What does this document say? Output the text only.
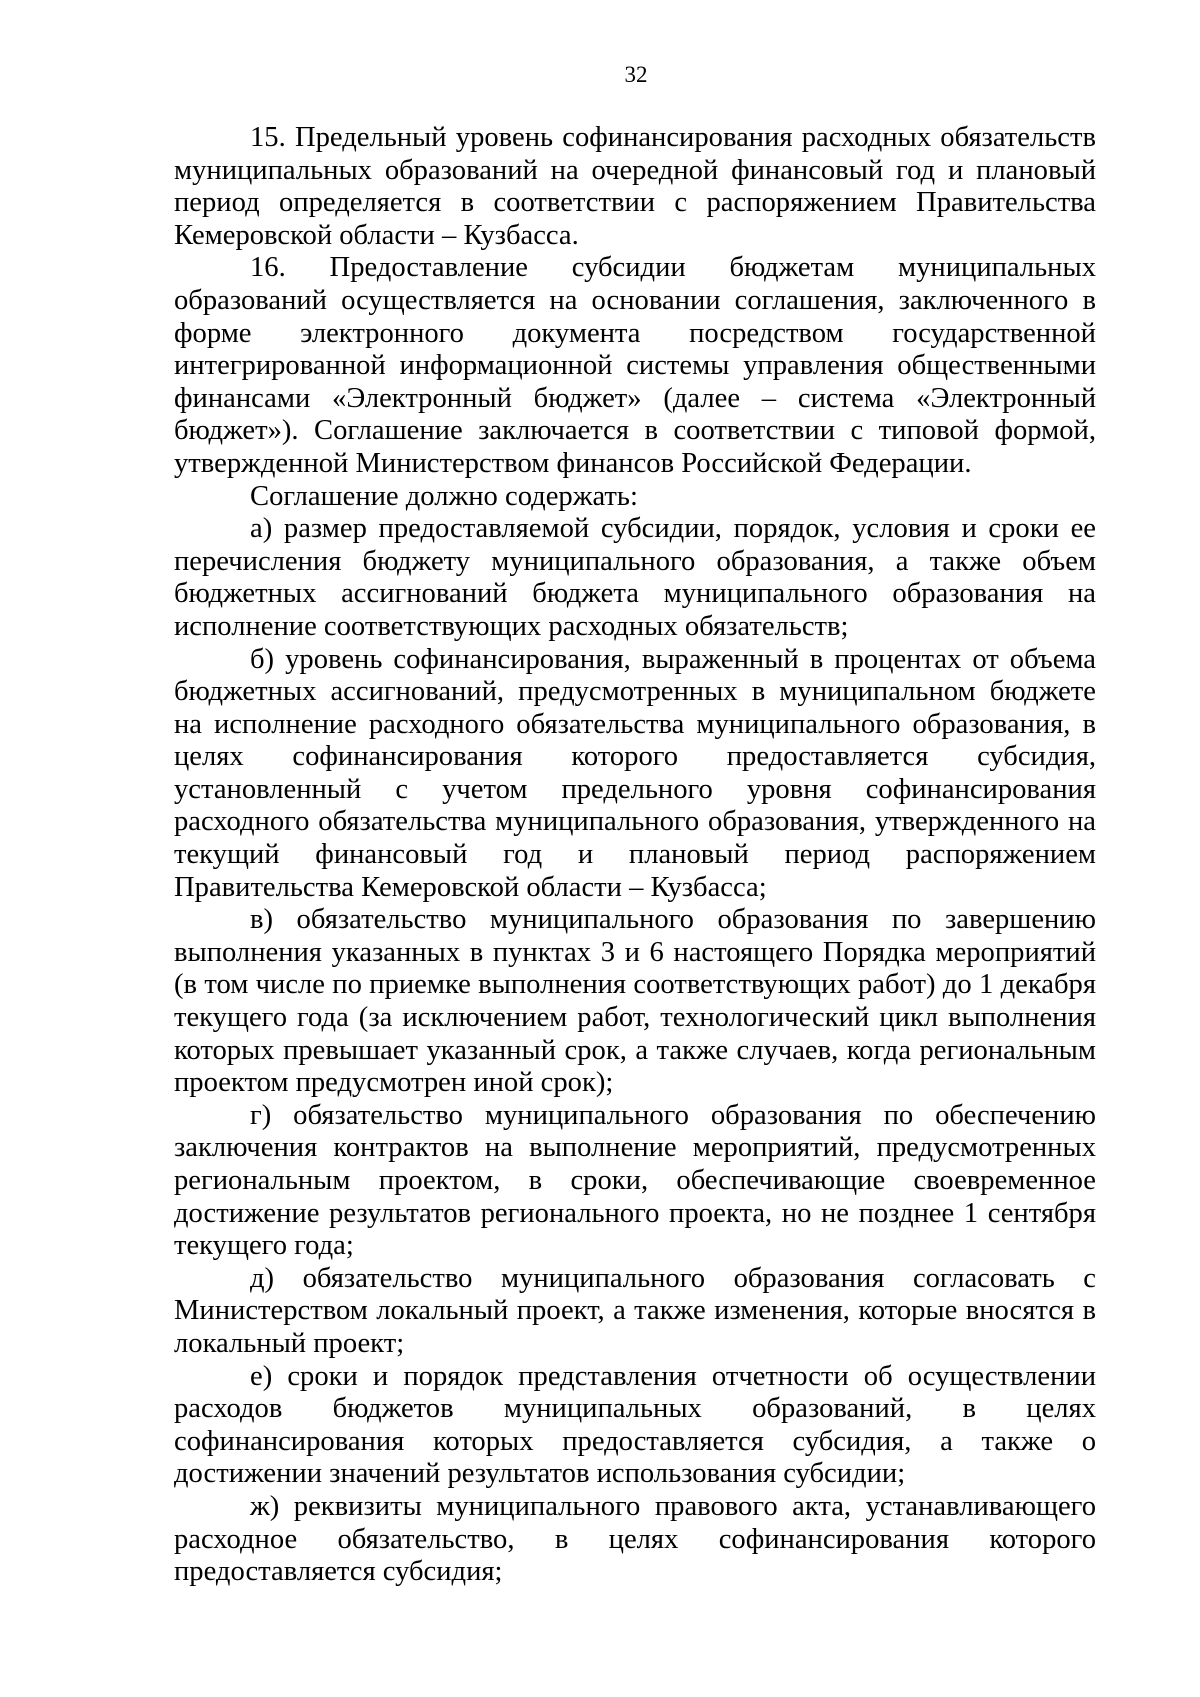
32

15. Предельный уровень софинансирования расходных обязательств муниципальных образований на очередной финансовый год и плановый период определяется в соответствии с распоряжением Правительства Кемеровской области – Кузбасса.

16. Предоставление субсидии бюджетам муниципальных образований осуществляется на основании соглашения, заключенного в форме электронного документа посредством государственной интегрированной информационной системы управления общественными финансами «Электронный бюджет» (далее – система «Электронный бюджет»). Соглашение заключается в соответствии с типовой формой, утвержденной Министерством финансов Российской Федерации.

Соглашение должно содержать:

а) размер предоставляемой субсидии, порядок, условия и сроки ее перечисления бюджету муниципального образования, а также объем бюджетных ассигнований бюджета муниципального образования на исполнение соответствующих расходных обязательств;

б) уровень софинансирования, выраженный в процентах от объема бюджетных ассигнований, предусмотренных в муниципальном бюджете на исполнение расходного обязательства муниципального образования, в целях софинансирования которого предоставляется субсидия, установленный с учетом предельного уровня софинансирования расходного обязательства муниципального образования, утвержденного на текущий финансовый год и плановый период распоряжением Правительства Кемеровской области – Кузбасса;

в) обязательство муниципального образования по завершению выполнения указанных в пунктах 3 и 6 настоящего Порядка мероприятий (в том числе по приемке выполнения соответствующих работ) до 1 декабря текущего года (за исключением работ, технологический цикл выполнения которых превышает указанный срок, а также случаев, когда региональным проектом предусмотрен иной срок);

г) обязательство муниципального образования по обеспечению заключения контрактов на выполнение мероприятий, предусмотренных региональным проектом, в сроки, обеспечивающие своевременное достижение результатов регионального проекта, но не позднее 1 сентября текущего года;

д) обязательство муниципального образования согласовать с Министерством локальный проект, а также изменения, которые вносятся в локальный проект;

е) сроки и порядок представления отчетности об осуществлении расходов бюджетов муниципальных образований, в целях софинансирования которых предоставляется субсидия, а также о достижении значений результатов использования субсидии;

ж) реквизиты муниципального правового акта, устанавливающего расходное обязательство, в целях софинансирования которого предоставляется субсидия;
